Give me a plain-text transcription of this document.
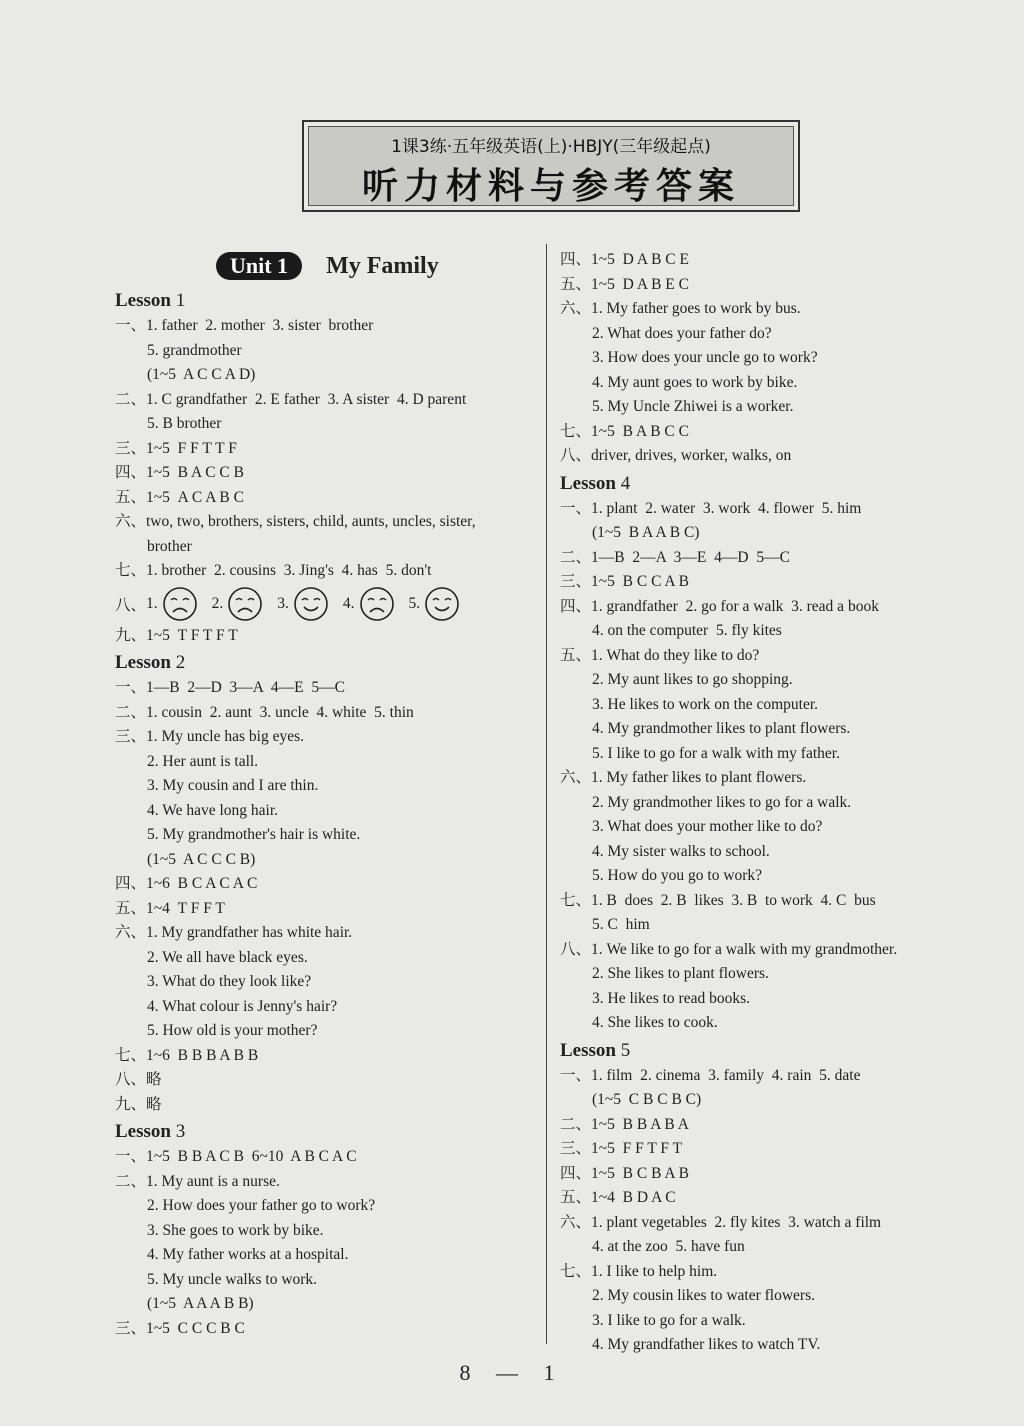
1课3练·五年级英语(上)·HBJY(三年级起点)
听力材料与参考答案
Unit 1	My Family
Lesson 1
一、1. father  2. mother  3. sister  brother
5. grandmother
(1~5  A C C A D)
二、1. C grandfather  2. E father  3. A sister  4. D parent
5. B brother
三、1~5  F F T T F
四、1~5  B A C C B
五、1~5  A C A B C
六、two, two, brothers, sisters, child, aunts, uncles, sister,
brother
七、1. brother  2. cousins  3. Jing's  4. has  5. don't
八、 1.	2.	3.	4.	5.
九、1~5  T F T F T
Lesson 2
一、1—B  2—D  3—A  4—E  5—C
二、1. cousin  2. aunt  3. uncle  4. white  5. thin
三、1. My uncle has big eyes.
2. Her aunt is tall.
3. My cousin and I are thin.
4. We have long hair.
5. My grandmother's hair is white.
(1~5  A C C C B)
四、1~6  B C A C A C
五、1~4  T F F T
六、1. My grandfather has white hair.
2. We all have black eyes.
3. What do they look like?
4. What colour is Jenny's hair?
5. How old is your mother?
七、1~6  B B B A B B
八、略
九、略
Lesson 3
一、1~5  B B A C B  6~10  A B C A C
二、1. My aunt is a nurse.
2. How does your father go to work?
3. She goes to work by bike.
4. My father works at a hospital.
5. My uncle walks to work.
(1~5  A A A B B)
三、1~5  C C C B C
四、1~5  D A B C E
五、1~5  D A B E C
六、1. My father goes to work by bus.
2. What does your father do?
3. How does your uncle go to work?
4. My aunt goes to work by bike.
5. My Uncle Zhiwei is a worker.
七、1~5  B A B C C
八、driver, drives, worker, walks, on
Lesson 4
一、1. plant  2. water  3. work  4. flower  5. him
(1~5  B A A B C)
二、1—B  2—A  3—E  4—D  5—C
三、1~5  B C C A B
四、1. grandfather  2. go for a walk  3. read a book
4. on the computer  5. fly kites
五、1. What do they like to do?
2. My aunt likes to go shopping.
3. He likes to work on the computer.
4. My grandmother likes to plant flowers.
5. I like to go for a walk with my father.
六、1. My father likes to plant flowers.
2. My grandmother likes to go for a walk.
3. What does your mother like to do?
4. My sister walks to school.
5. How do you go to work?
七、1. B  does  2. B  likes  3. B  to work  4. C  bus
5. C  him
八、1. We like to go for a walk with my grandmother.
2. She likes to plant flowers.
3. He likes to read books.
4. She likes to cook.
Lesson 5
一、1. film  2. cinema  3. family  4. rain  5. date
(1~5  C B C B C)
二、1~5  B B A B A
三、1~5  F F T F T
四、1~5  B C B A B
五、1~4  B D A C
六、1. plant vegetables  2. fly kites  3. watch a film
4. at the zoo  5. have fun
七、1. I like to help him.
2. My cousin likes to water flowers.
3. I like to go for a walk.
4. My grandfather likes to watch TV.
8 — 1
